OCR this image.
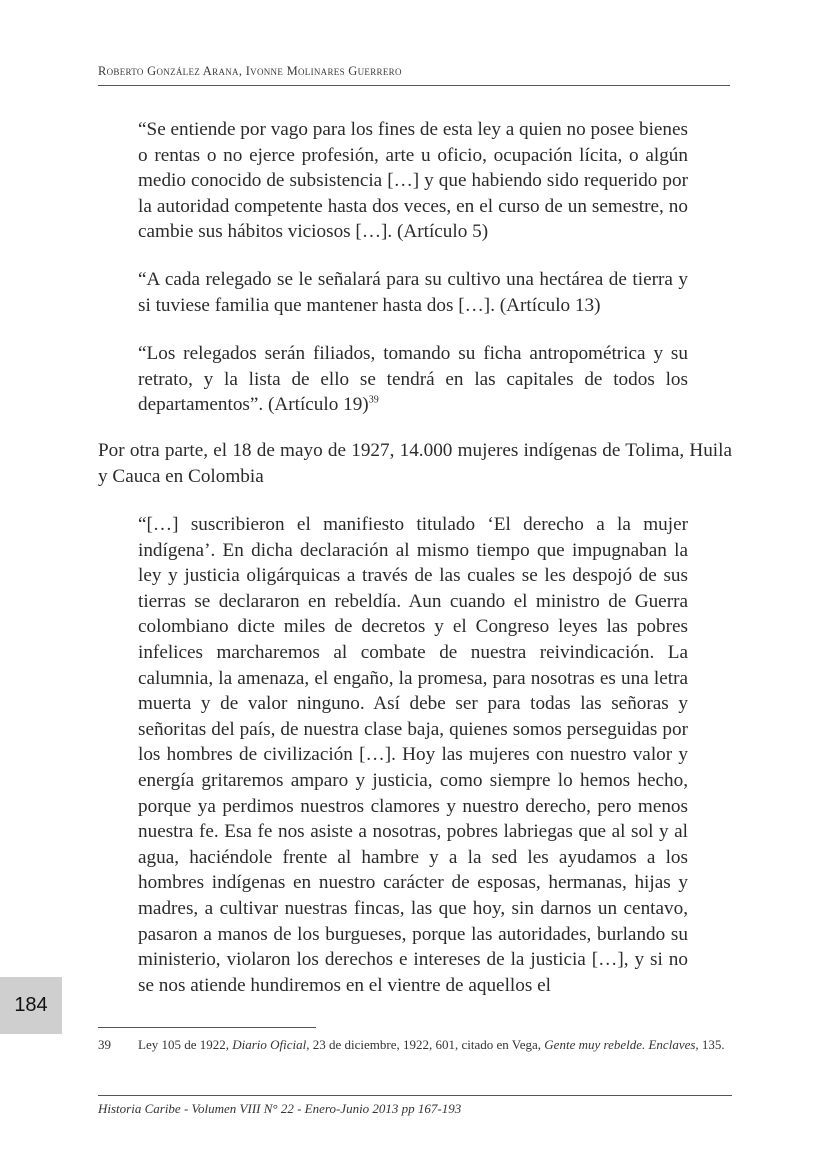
Roberto González Arana, Ivonne Molinares Guerrero

“Se entiende por vago para los fines de esta ley a quien no posee bienes o rentas o no ejerce profesión, arte u oficio, ocupación lícita, o algún medio conocido de subsistencia […] y que habiendo sido requerido por la autoridad competente hasta dos veces, en el curso de un semestre, no cambie sus hábitos viciosos […]. (Artículo 5)

“A cada relegado se le señalará para su cultivo una hectárea de tierra y si tuviese familia que mantener hasta dos […]. (Artículo 13)

“Los relegados serán filiados, tomando su ficha antropométrica y su retrato, y la lista de ello se tendrá en las capitales de todos los departamentos”. (Artículo 19)$^{39}$

Por otra parte, el 18 de mayo de 1927, 14.000 mujeres indígenas de Tolima, Huila y Cauca en Colombia

“[…] suscribieron el manifiesto titulado ‘El derecho a la mujer indígena’. En dicha declaración al mismo tiempo que impugnaban la ley y justicia oligárquicas a través de las cuales se les despojó de sus tierras se declararon en rebeldía. Aun cuando el ministro de Guerra colombiano dicte miles de decretos y el Congreso leyes las pobres infelices marcharemos al combate de nuestra reivindicación. La calumnia, la amenaza, el engaño, la promesa, para nosotras es una letra muerta y de valor ninguno. Así debe ser para todas las señoras y señoritas del país, de nuestra clase baja, quienes somos perseguidas por los hombres de civilización […]. Hoy las mujeres con nuestro valor y energía gritaremos amparo y justicia, como siempre lo hemos hecho, porque ya perdimos nuestros clamores y nuestro derecho, pero menos nuestra fe. Esa fe nos asiste a nosotras, pobres labriegas que al sol y al agua, haciéndole frente al hambre y a la sed les ayudamos a los hombres indígenas en nuestro carácter de esposas, hermanas, hijas y madres, a cultivar nuestras fincas, las que hoy, sin darnos un centavo, pasaron a manos de los burgueses, porque las autoridades, burlando su ministerio, violaron los derechos e intereses de la justicia […], y si no se nos atiende hundiremos en el vientre de aquellos el

184
39 Ley 105 de 1922, Diario Oficial, 23 de diciembre, 1922, 601, citado en Vega, Gente muy rebelde. Enclaves, 135.
Historia Caribe - Volumen VIII N° 22 - Enero-Junio 2013 pp 167-193
